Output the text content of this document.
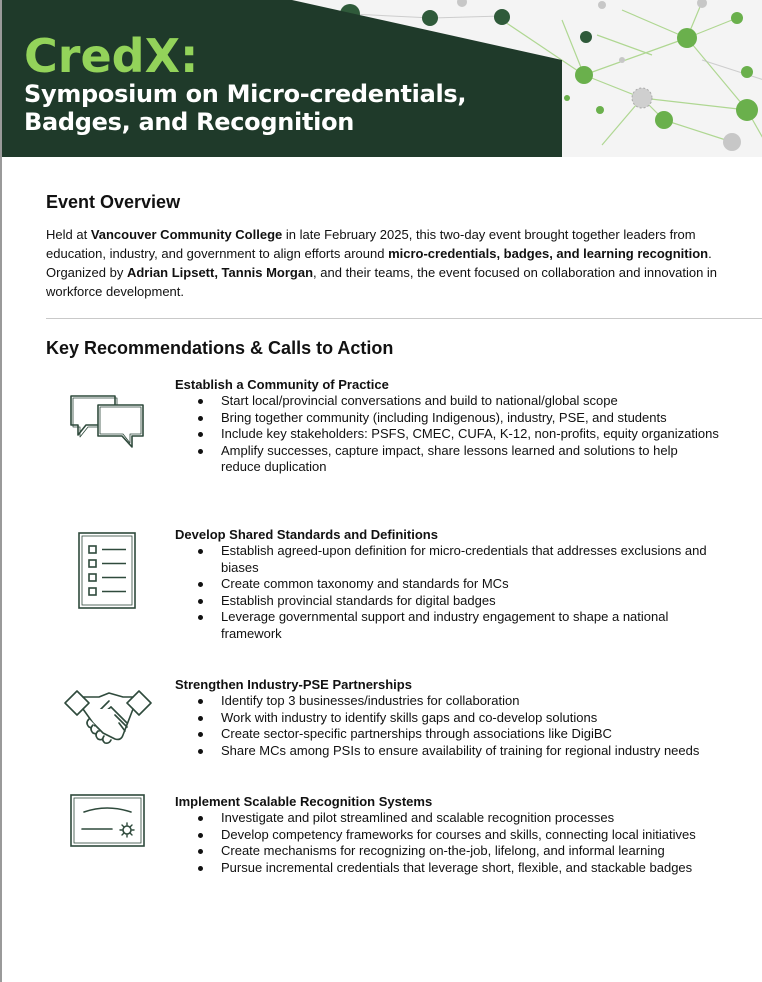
CredX:
Symposium on Micro-credentials,
Badges, and Recognition
Event Overview

Held at Vancouver Community College in late February 2025, this two-day event brought together leaders from education, industry, and government to align efforts around micro-credentials, badges, and learning recognition. Organized by Adrian Lipsett, Tannis Morgan, and their teams, the event focused on collaboration and innovation in workforce development.

Key Recommendations & Calls to Action
Establish a Community of Practice
Start local/provincial conversations and build to national/global scope
Bring together community (including Indigenous), industry, PSE, and students
Include key stakeholders: PSFS, CMEC, CUFA, K-12, non-profits, equity organizations
Amplify successes, capture impact, share lessons learned and solutions to help reduce duplication
Develop Shared Standards and Definitions
Establish agreed-upon definition for micro-credentials that addresses exclusions and biases
Create common taxonomy and standards for MCs
Establish provincial standards for digital badges
Leverage governmental support and industry engagement to shape a national framework
Strengthen Industry-PSE Partnerships
Identify top 3 businesses/industries for collaboration
Work with industry to identify skills gaps and co-develop solutions
Create sector-specific partnerships through associations like DigiBC
Share MCs among PSIs to ensure availability of training for regional industry needs
Implement Scalable Recognition Systems
Investigate and pilot streamlined and scalable recognition processes
Develop competency frameworks for courses and skills, connecting local initiatives
Create mechanisms for recognizing on-the-job, lifelong, and informal learning
Pursue incremental credentials that leverage short, flexible, and stackable badges
